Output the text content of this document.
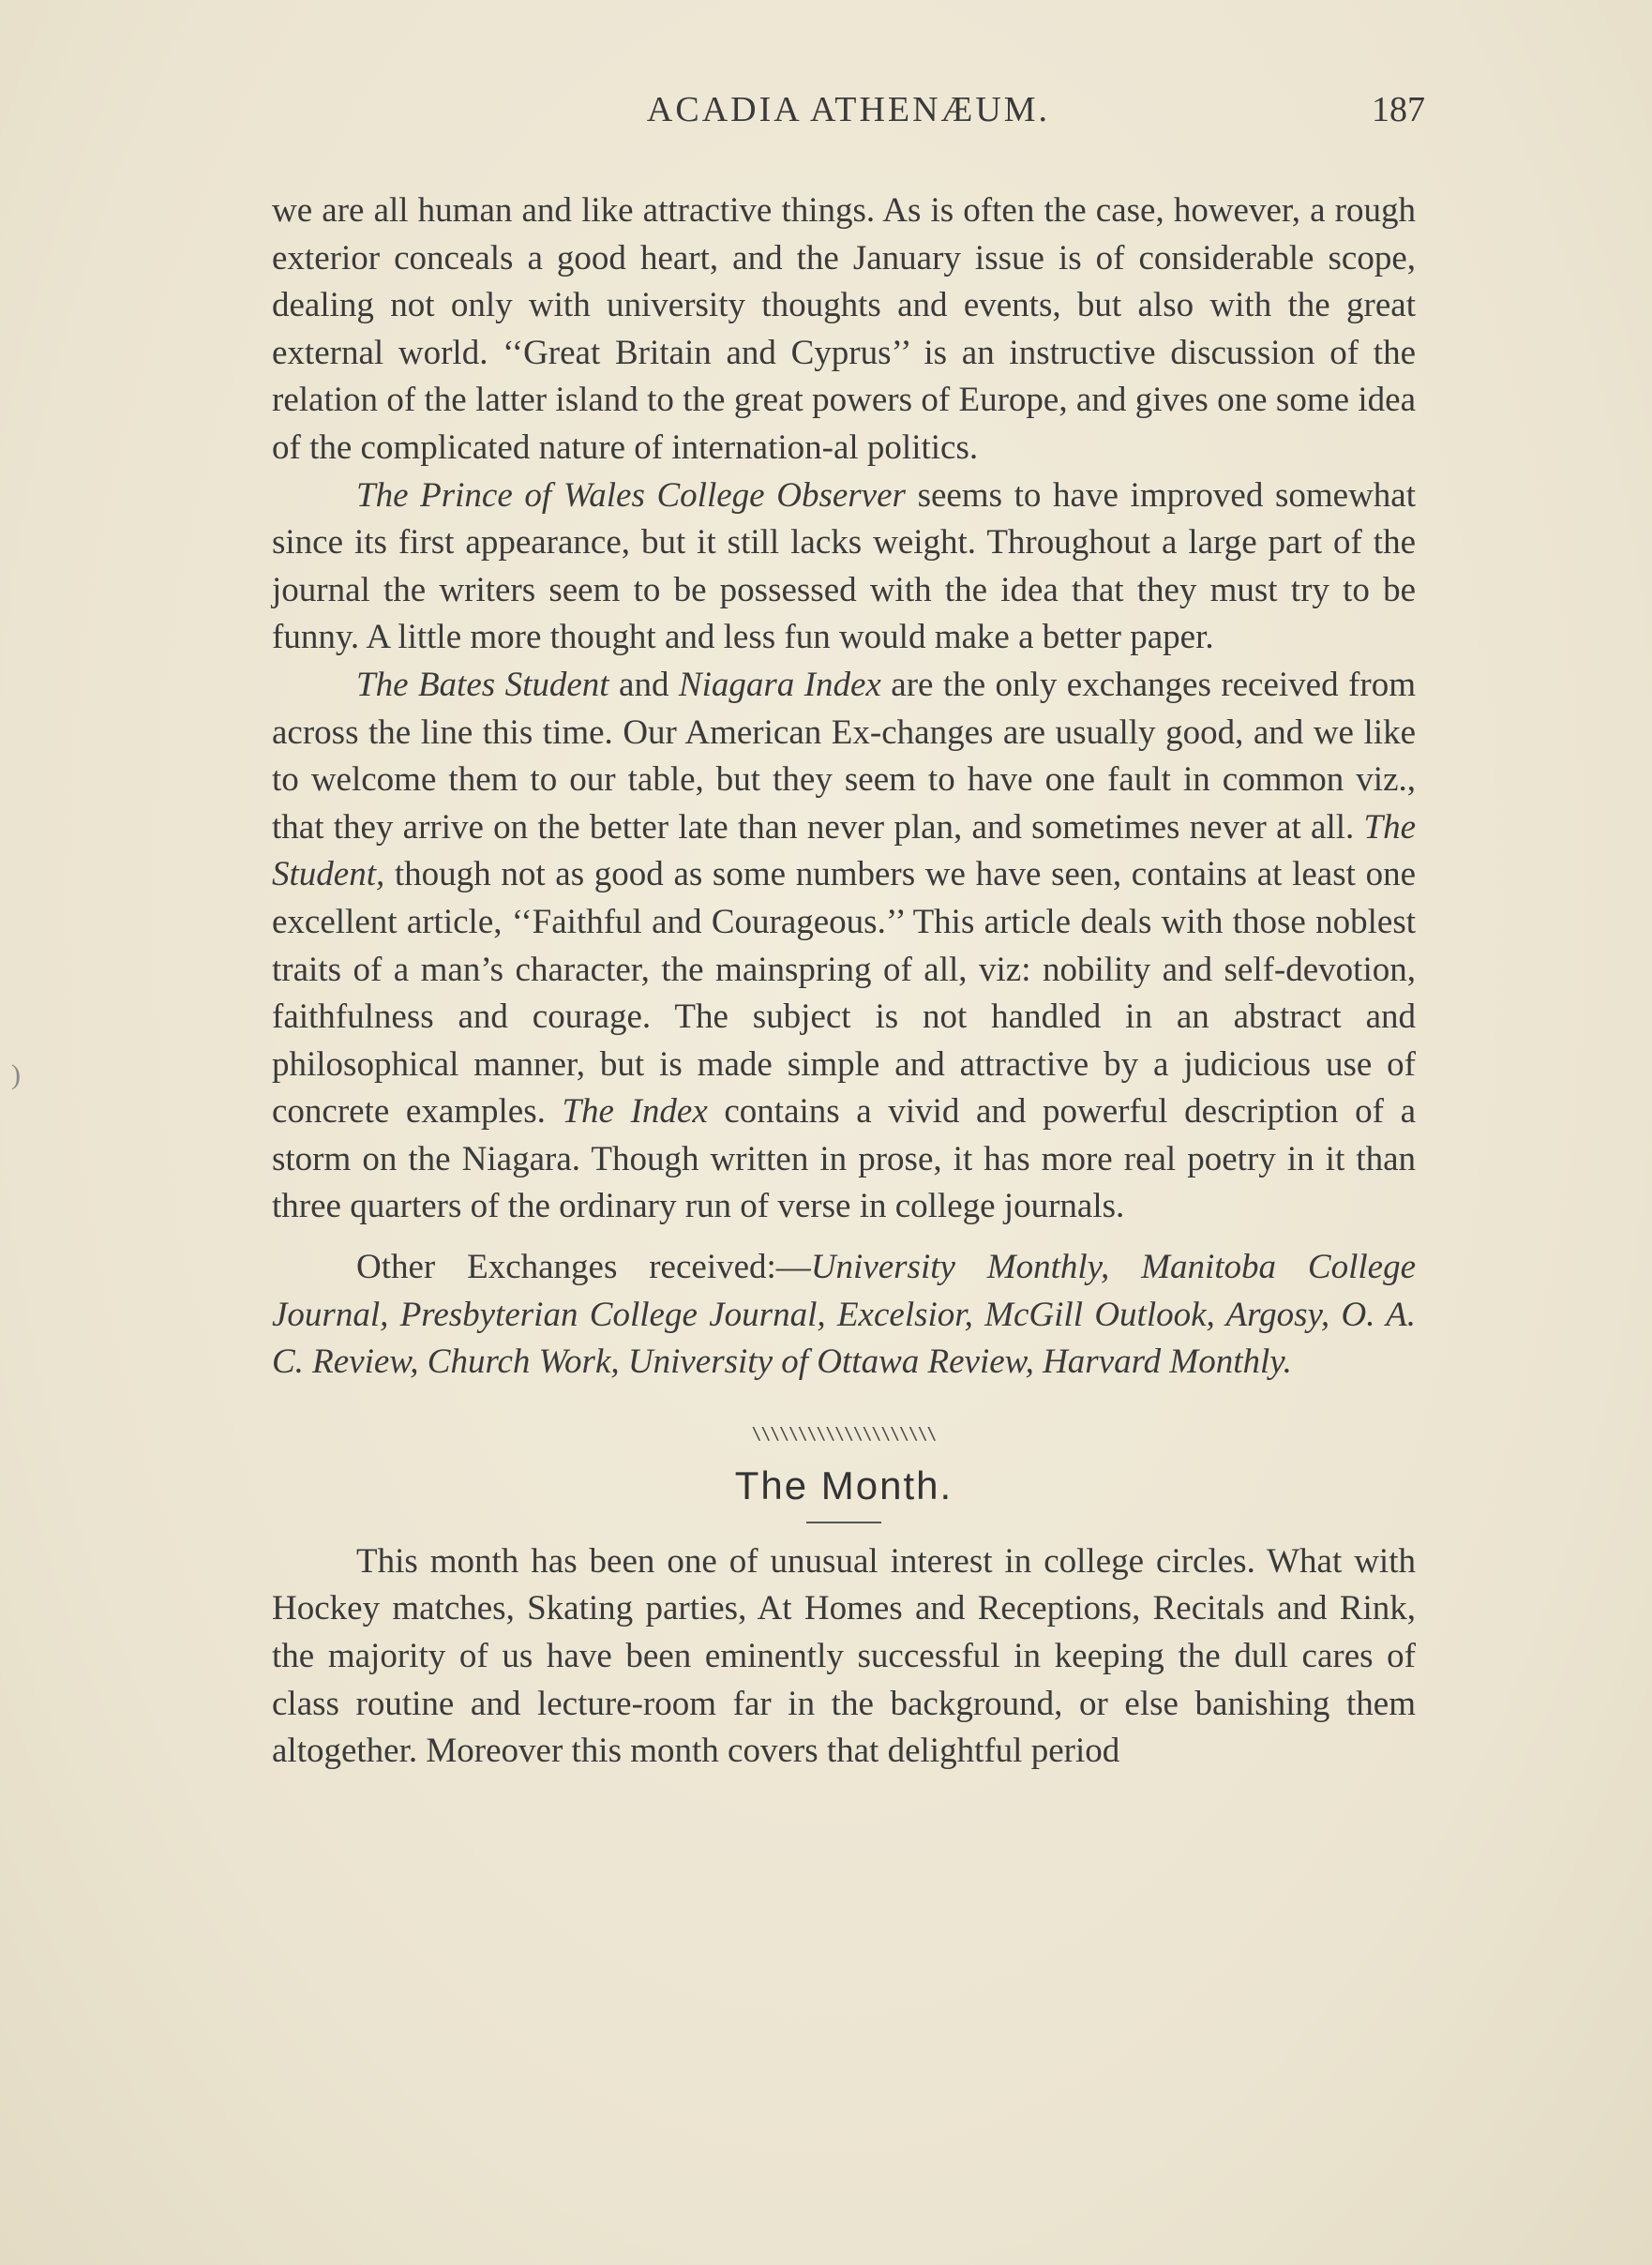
ACADIA ATHENÆUM.	187

we are all human and like attractive things. As is often the case, however, a rough exterior conceals a good heart, and the January issue is of considerable scope, dealing not only with university thoughts and events, but also with the great external world. ‘‘Great Britain and Cyprus’’ is an instructive discussion of the relation of the latter island to the great powers of Europe, and gives one some idea of the complicated nature of internation-al politics.

The Prince of Wales College Observer seems to have improved somewhat since its first appearance, but it still lacks weight. Throughout a large part of the journal the writers seem to be possessed with the idea that they must try to be funny. A little more thought and less fun would make a better paper.

The Bates Student and Niagara Index are the only exchanges received from across the line this time. Our American Ex-changes are usually good, and we like to welcome them to our table, but they seem to have one fault in common viz., that they arrive on the better late than never plan, and sometimes never at all. The Student, though not as good as some numbers we have seen, contains at least one excellent article, ‘‘Faithful and Courageous.’’ This article deals with those noblest traits of a man’s character, the mainspring of all, viz: nobility and self-devotion, faithfulness and courage. The subject is not handled in an abstract and philosophical manner, but is made simple and attractive by a judicious use of concrete examples. The Index contains a vivid and powerful description of a storm on the Niagara. Though written in prose, it has more real poetry in it than three quarters of the ordinary run of verse in college journals.

Other Exchanges received:—University Monthly, Manitoba College Journal, Presbyterian College Journal, Excelsior, McGill Outlook, Argosy, O. A. C. Review, Church Work, University of Ottawa Review, Harvard Monthly.

\\\\\\\\\\\\\\\\\\\\
The Month.

This month has been one of unusual interest in college circles. What with Hockey matches, Skating parties, At Homes and Receptions, Recitals and Rink, the majority of us have been eminently successful in keeping the dull cares of class routine and lecture-room far in the background, or else banishing them altogether. Moreover this month covers that delightful period

)
